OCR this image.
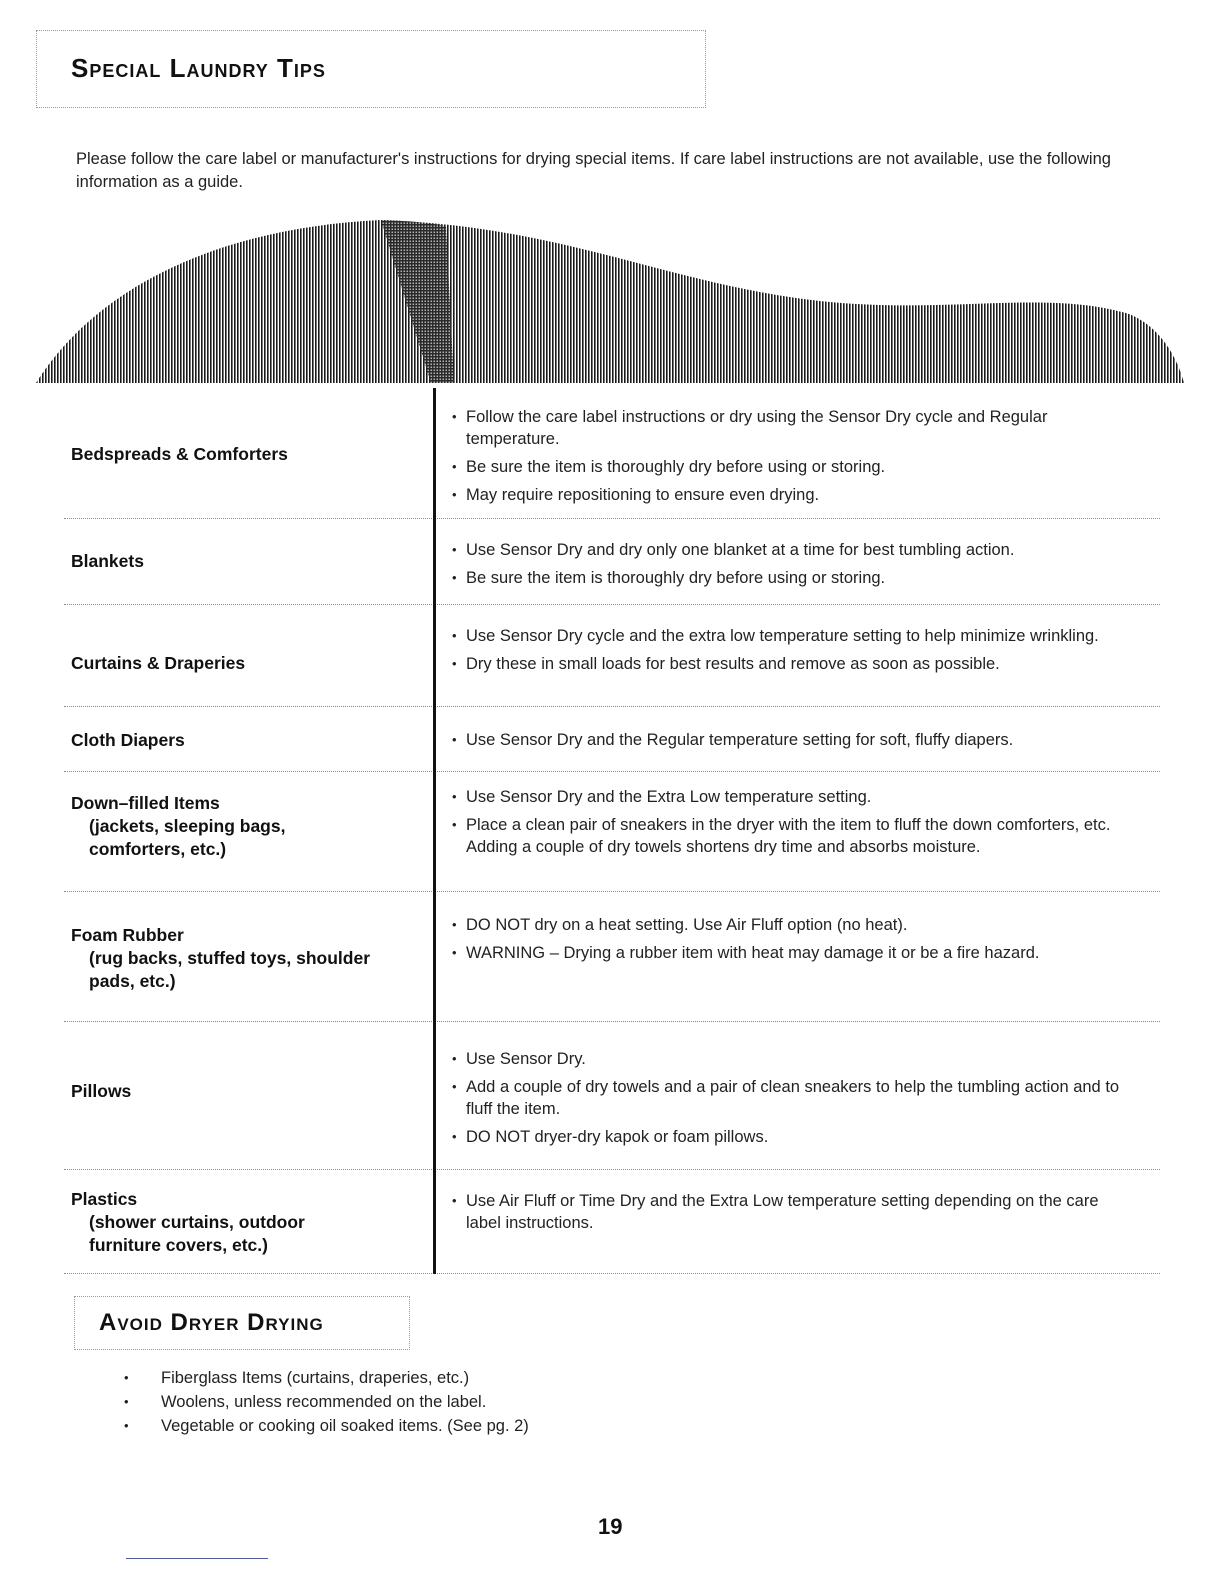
Special Laundry Tips

Please follow the care label or manufacturer's instructions for drying special items. If care label instructions are not available, use the following information as a guide.

Bedspreads & Comforters
• Follow the care label instructions or dry using the Sensor Dry cycle and Regular temperature.
• Be sure the item is thoroughly dry before using or storing.
• May require repositioning to ensure even drying.
Blankets
• Use Sensor Dry and dry only one blanket at a time for best tumbling action.
• Be sure the item is thoroughly dry before using or storing.
Curtains & Draperies
• Use Sensor Dry cycle and the extra low temperature setting to help minimize wrinkling.
• Dry these in small loads for best results and remove as soon as possible.
Cloth Diapers
•	Use Sensor Dry and the Regular temperature setting for soft, fluffy diapers.
Down–filled Items
(jackets, sleeping bags, comforters, etc.)
• Use Sensor Dry and the Extra Low temperature setting.
• Place a clean pair of sneakers in the dryer with the item to fluff the down comforters, etc. Adding a couple of dry towels shortens dry time and absorbs moisture.
Foam Rubber
(rug backs, stuffed toys, shoulder pads, etc.)
• DO NOT dry on a heat setting. Use Air Fluff option (no heat).
• WARNING – Drying a rubber item with heat may damage it or be a fire hazard.
Pillows
• Use Sensor Dry.
• Add a couple of dry towels and a pair of clean sneakers to help the tumbling action and to fluff the item.
• DO NOT dryer-dry kapok or foam pillows.
Plastics
(shower curtains, outdoor furniture covers, etc.)
• Use Air Fluff or Time Dry and the Extra Low temperature setting depending on the care label instructions.
Avoid Dryer Drying
• Fiberglass Items (curtains, draperies, etc.)
• Woolens, unless recommended on the label.
• Vegetable or cooking oil soaked items. (See pg. 2)
19
